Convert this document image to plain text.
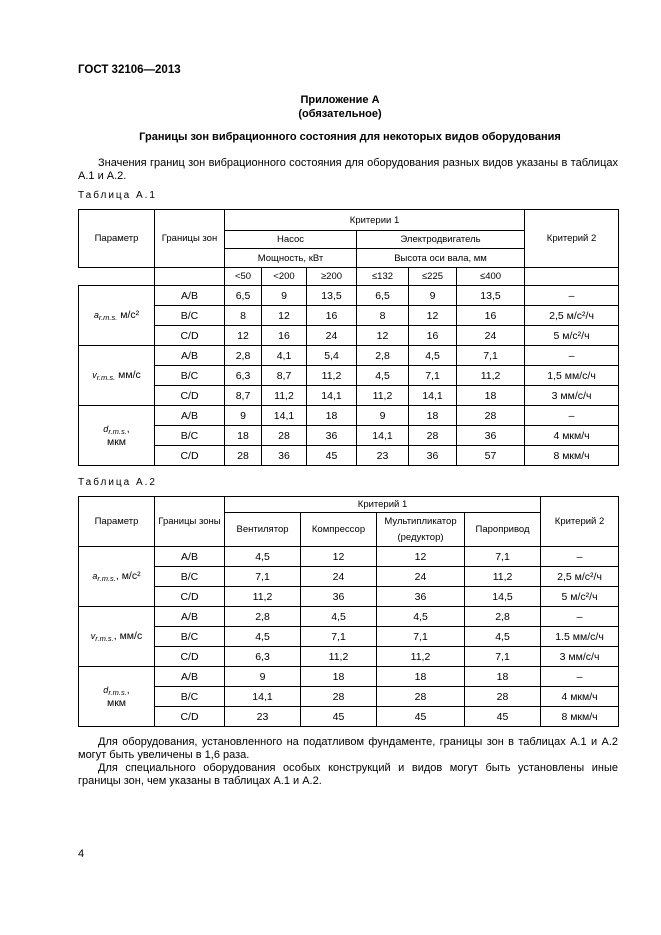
ГОСТ 32106—2013
Приложение А
(обязательное)
Границы зон вибрационного состояния для некоторых видов оборудования
Значения границ зон вибрационного состояния для оборудования разных видов указаны в таблицах А.1 и А.2.
Таблица А.1
Параметр	Границы зон	Критерии 1						Критерий 2
		Насос			Электродвигатель			
		Мощность, кВт			Высота оси вала, мм			
		<50	<200	≥200	≤132	≤225	≤400	
ar.m.s. м/с²	A/B	6,5	9	13,5	6,5	9	13,5	–
	B/C	8	12	16	8	12	16	2,5 м/с²/ч
	C/D	12	16	24	12	16	24	5 м/с²/ч
vr.m.s. мм/с	A/B	2,8	4,1	5,4	2,8	4,5	7,1	–
	B/C	6,3	8,7	11,2	4,5	7,1	11,2	1,5 мм/с/ч
	C/D	8,7	11,2	14,1	11,2	14,1	18	3 мм/с/ч
dr.m.s.,
мкм	A/B	9	14,1	18	9	18	28	–
	B/C	18	28	36	14,1	28	36	4 мкм/ч
	C/D	28	36	45	23	36	57	8 мкм/ч
Таблица А.2
Параметр	Границы зоны	Критерий 1				Критерий 2
		Вентилятор	Компрессор	Мультипликатор (редуктор)	Паропривод	
ar.m.s., м/с²	A/B	4,5	12	12	7,1	–
	B/C	7,1	24	24	11,2	2,5 м/с²/ч
	C/D	11,2	36	36	14,5	5 м/с²/ч
vr.m.s., мм/с	A/B	2,8	4,5	4,5	2,8	–
	B/C	4,5	7,1	7,1	4,5	1.5 мм/с/ч
	C/D	6,3	11,2	11,2	7,1	3 мм/с/ч
dr.m.s.,
мкм	A/B	9	18	18	18	–
	B/C	14,1	28	28	28	4 мкм/ч
	C/D	23	45	45	45	8 мкм/ч
Для оборудования, установленного на податливом фундаменте, границы зон в таблицах А.1 и А.2 могут быть увеличены в 1,6 раза.
Для специального оборудования особых конструкций и видов могут быть установлены иные границы зон, чем указаны в таблицах А.1 и А.2.
4
